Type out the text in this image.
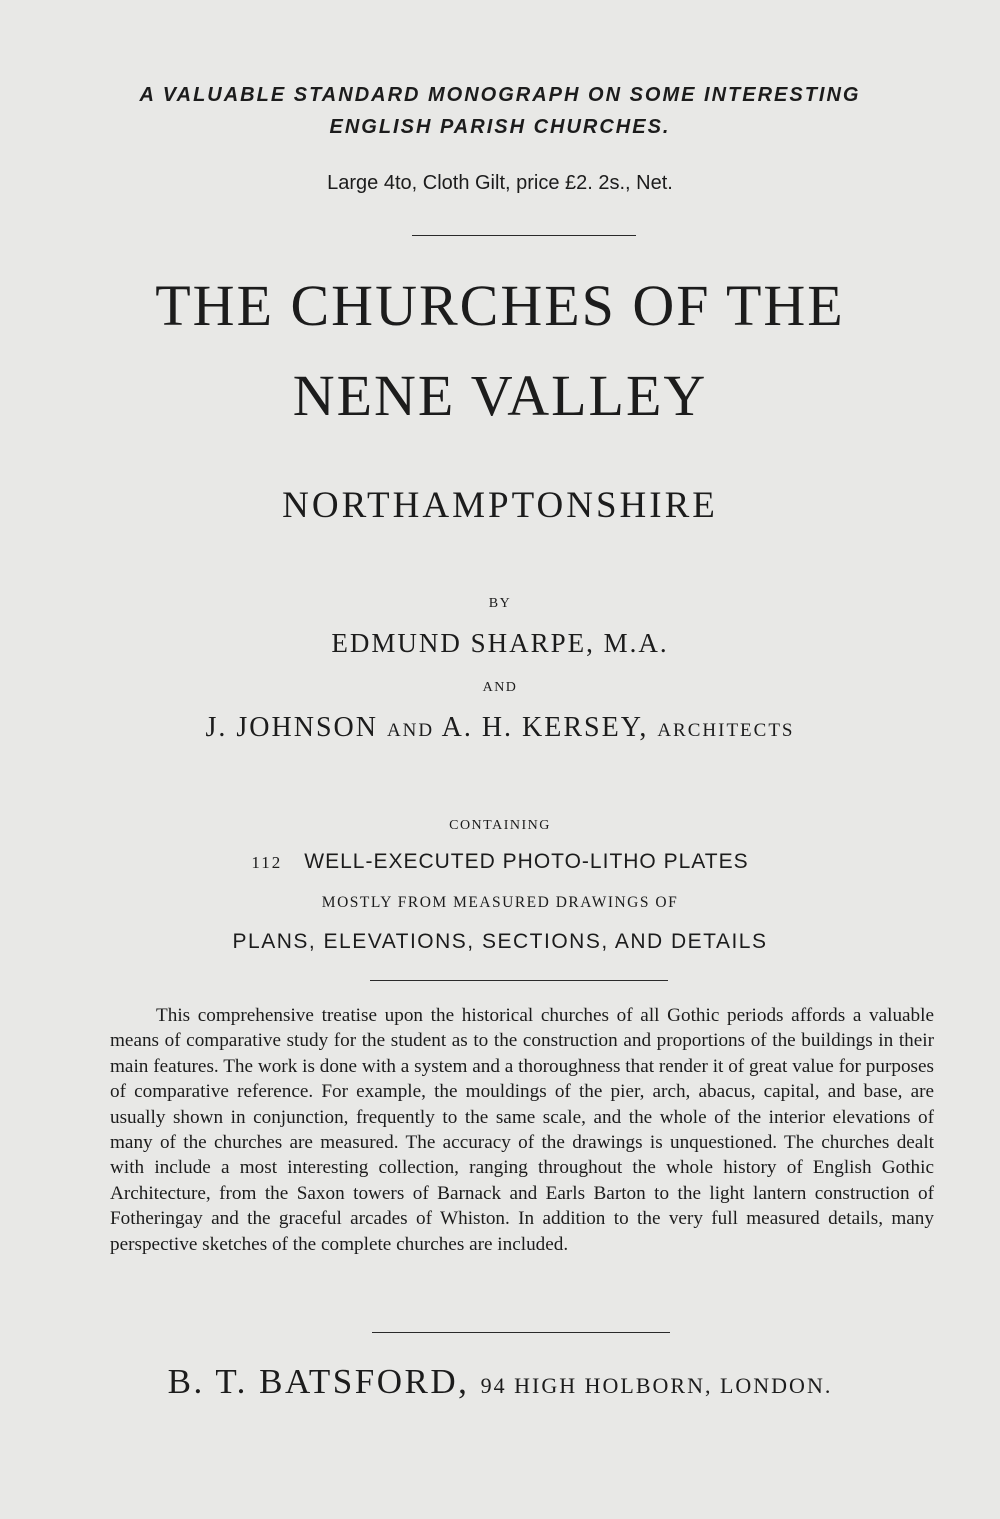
A VALUABLE STANDARD MONOGRAPH ON SOME INTERESTING
ENGLISH PARISH CHURCHES.
Large 4to, Cloth Gilt, price £2. 2s., Net.
THE CHURCHES OF THE
NENE VALLEY
NORTHAMPTONSHIRE
BY
EDMUND SHARPE, M.A.
AND
J. JOHNSON AND A. H. KERSEY, ARCHITECTS
CONTAINING
112 WELL-EXECUTED PHOTO-LITHO PLATES
MOSTLY FROM MEASURED DRAWINGS OF
PLANS, ELEVATIONS, SECTIONS, AND DETAILS
This comprehensive treatise upon the historical churches of all Gothic periods affords a valuable means of comparative study for the student as to the construction and proportions of the buildings in their main features. The work is done with a system and a thoroughness that render it of great value for purposes of comparative reference. For example, the mouldings of the pier, arch, abacus, capital, and base, are usually shown in conjunction, frequently to the same scale, and the whole of the interior elevations of many of the churches are measured. The accuracy of the drawings is unquestioned. The churches dealt with include a most interesting collection, ranging throughout the whole history of English Gothic Architecture, from the Saxon towers of Barnack and Earls Barton to the light lantern construction of Fotheringay and the graceful arcades of Whiston. In addition to the very full measured details, many perspective sketches of the complete churches are included.
B. T. BATSFORD, 94 HIGH HOLBORN, LONDON.
